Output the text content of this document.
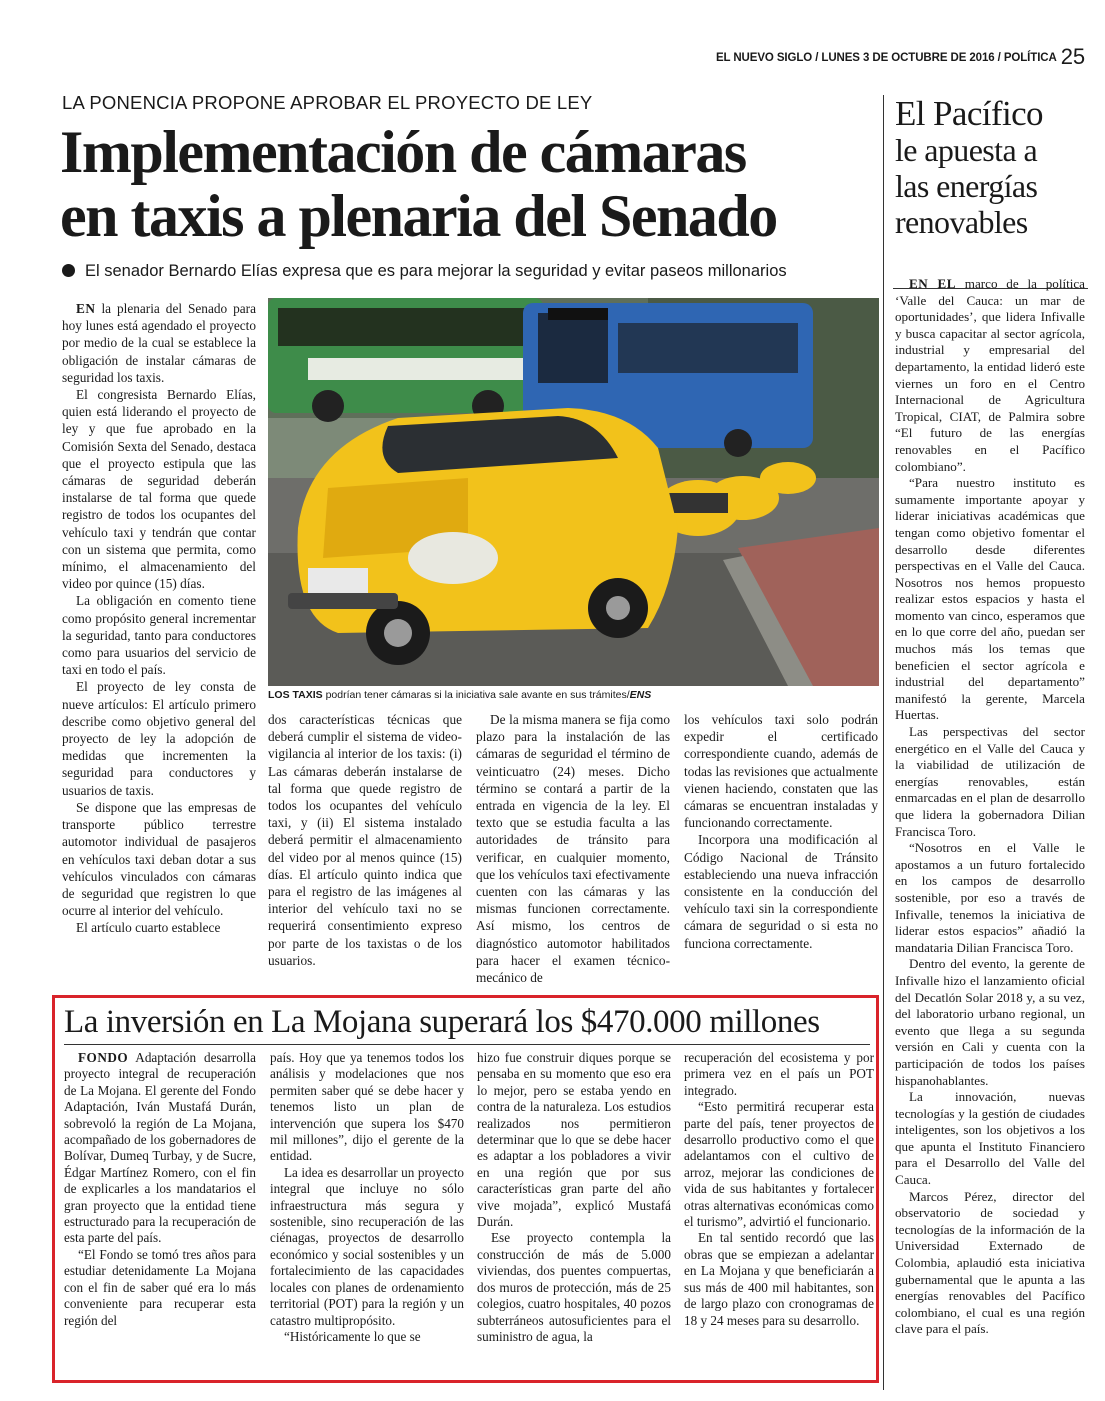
EL NUEVO SIGLO / LUNES 3 DE OCTUBRE DE 2016 / POLÍTICA 25
LA PONENCIA PROPONE APROBAR EL PROYECTO DE LEY
Implementación de cámaras
en taxis a plenaria del Senado
El senador Bernardo Elías expresa que es para mejorar la seguridad y evitar paseos millonarios

EN la plenaria del Senado para hoy lunes está agendado el proyecto por medio de la cual se establece la obligación de instalar cámaras de seguridad los taxis.

El congresista Bernardo Elías, quien está liderando el proyecto de ley y que fue aprobado en la Comisión Sexta del Senado, destaca que el proyecto estipula que las cámaras de seguridad deberán instalarse de tal forma que quede registro de todos los ocupantes del vehículo taxi y tendrán que contar con un sistema que permita, como mínimo, el almacenamiento del video por quince (15) días.

La obligación en comento tiene como propósito general incrementar la seguridad, tanto para conductores como para usuarios del servicio de taxi en todo el país.

El proyecto de ley consta de nueve artículos: El artículo primero describe como objetivo general del proyecto de ley la adopción de medidas que incrementen la seguridad para conductores y usuarios de taxis.

Se dispone que las empresas de transporte público terrestre automotor individual de pasajeros en vehículos taxi deban dotar a sus vehículos vinculados con cámaras de seguridad que registren lo que ocurre al interior del vehículo.

El artículo cuarto establece

LOS TAXIS podrían tener cámaras si la iniciativa sale avante en sus trámites/ENS

dos características técnicas que deberá cumplir el sistema de video-vigilancia al interior de los taxis: (i) Las cámaras deberán instalarse de tal forma que quede registro de todos los ocupantes del vehículo taxi, y (ii) El sistema instalado deberá permitir el almacenamiento del video por al menos quince (15) días. El artículo quinto indica que para el registro de las imágenes al interior del vehículo taxi no se requerirá consentimiento expreso por parte de los taxistas o de los usuarios.

De la misma manera se fija como plazo para la instalación de las cámaras de seguridad el término de veinticuatro (24) meses. Dicho término se contará a partir de la entrada en vigencia de la ley. El texto que se estudia faculta a las autoridades de tránsito para verificar, en cualquier momento, que los vehículos taxi efectivamente cuenten con las cámaras y las mismas funcionen correctamente. Así mismo, los centros de diagnóstico automotor habilitados para hacer el examen técnico-mecánico de

los vehículos taxi solo podrán expedir el certificado correspondiente cuando, además de todas las revisiones que actualmente vienen haciendo, constaten que las cámaras se encuentran instaladas y funcionando correctamente.

Incorpora una modificación al Código Nacional de Tránsito estableciendo una nueva infracción consistente en la conducción del vehículo taxi sin la correspondiente cámara de seguridad o si esta no funciona correctamente.

El Pacífico
le apuesta a
las energías
renovables

EN EL marco de la política ‘Valle del Cauca: un mar de oportunidades’, que lidera Infivalle y busca capacitar al sector agrícola, industrial y empresarial del departamento, la entidad lideró este viernes un foro en el Centro Internacional de Agricultura Tropical, CIAT, de Palmira sobre “El futuro de las energías renovables en el Pacífico colombiano”.

“Para nuestro instituto es sumamente importante apoyar y liderar iniciativas académicas que tengan como objetivo fomentar el desarrollo desde diferentes perspectivas en el Valle del Cauca. Nosotros nos hemos propuesto realizar estos espacios y hasta el momento van cinco, esperamos que en lo que corre del año, puedan ser muchos más los temas que beneficien el sector agrícola e industrial del departamento” manifestó la gerente, Marcela Huertas.

Las perspectivas del sector energético en el Valle del Cauca y la viabilidad de utilización de energías renovables, están enmarcadas en el plan de desarrollo que lidera la gobernadora Dilian Francisca Toro.

“Nosotros en el Valle le apostamos a un futuro fortalecido en los campos de desarrollo sostenible, por eso a través de Infivalle, tenemos la iniciativa de liderar estos espacios” añadió la mandataria Dilian Francisca Toro.

Dentro del evento, la gerente de Infivalle hizo el lanzamiento oficial del Decatlón Solar 2018 y, a su vez, del laboratorio urbano regional, un evento que llega a su segunda versión en Cali y cuenta con la participación de todos los países hispanohablantes.

La innovación, nuevas tecnologías y la gestión de ciudades inteligentes, son los objetivos a los que apunta el Instituto Financiero para el Desarrollo del Valle del Cauca.

Marcos Pérez, director del observatorio de sociedad y tecnologías de la información de la Universidad Externado de Colombia, aplaudió esta iniciativa gubernamental que le apunta a las energías renovables del Pacífico colombiano, el cual es una región clave para el país.

La inversión en La Mojana superará los $470.000 millones

FONDO Adaptación desarrolla proyecto integral de recuperación de La Mojana. El gerente del Fondo Adaptación, Iván Mustafá Durán, sobrevoló la región de La Mojana, acompañado de los gobernadores de Bolívar, Dumeq Turbay, y de Sucre, Édgar Martínez Romero, con el fin de explicarles a los mandatarios el gran proyecto que la entidad tiene estructurado para la recuperación de esta parte del país.

“El Fondo se tomó tres años para estudiar detenidamente La Mojana con el fin de saber qué era lo más conveniente para recuperar esta región del

país. Hoy que ya tenemos todos los análisis y modelaciones que nos permiten saber qué se debe hacer y tenemos listo un plan de intervención que supera los $470 mil millones”, dijo el gerente de la entidad.

La idea es desarrollar un proyecto integral que incluye no sólo infraestructura más segura y sostenible, sino recuperación de las ciénagas, proyectos de desarrollo económico y social sostenibles y un fortalecimiento de las capacidades locales con planes de ordenamiento territorial (POT) para la región y un catastro multipropósito.

“Históricamente lo que se

hizo fue construir diques porque se pensaba en su momento que eso era lo mejor, pero se estaba yendo en contra de la naturaleza. Los estudios realizados nos permitieron determinar que lo que se debe hacer es adaptar a los pobladores a vivir en una región que por sus características gran parte del año vive mojada”, explicó Mustafá Durán.

Ese proyecto contempla la construcción de más de 5.000 viviendas, dos puentes compuertas, dos muros de protección, más de 25 colegios, cuatro hospitales, 40 pozos subterráneos autosuficientes para el suministro de agua, la

recuperación del ecosistema y por primera vez en el país un POT integrado.

“Esto permitirá recuperar esta parte del país, tener proyectos de desarrollo productivo como el que adelantamos con el cultivo de arroz, mejorar las condiciones de vida de sus habitantes y fortalecer otras alternativas económicas como el turismo”, advirtió el funcionario.

En tal sentido recordó que las obras que se empiezan a adelantar en La Mojana y que beneficiarán a sus más de 400 mil habitantes, son de largo plazo con cronogramas de 18 y 24 meses para su desarrollo.
